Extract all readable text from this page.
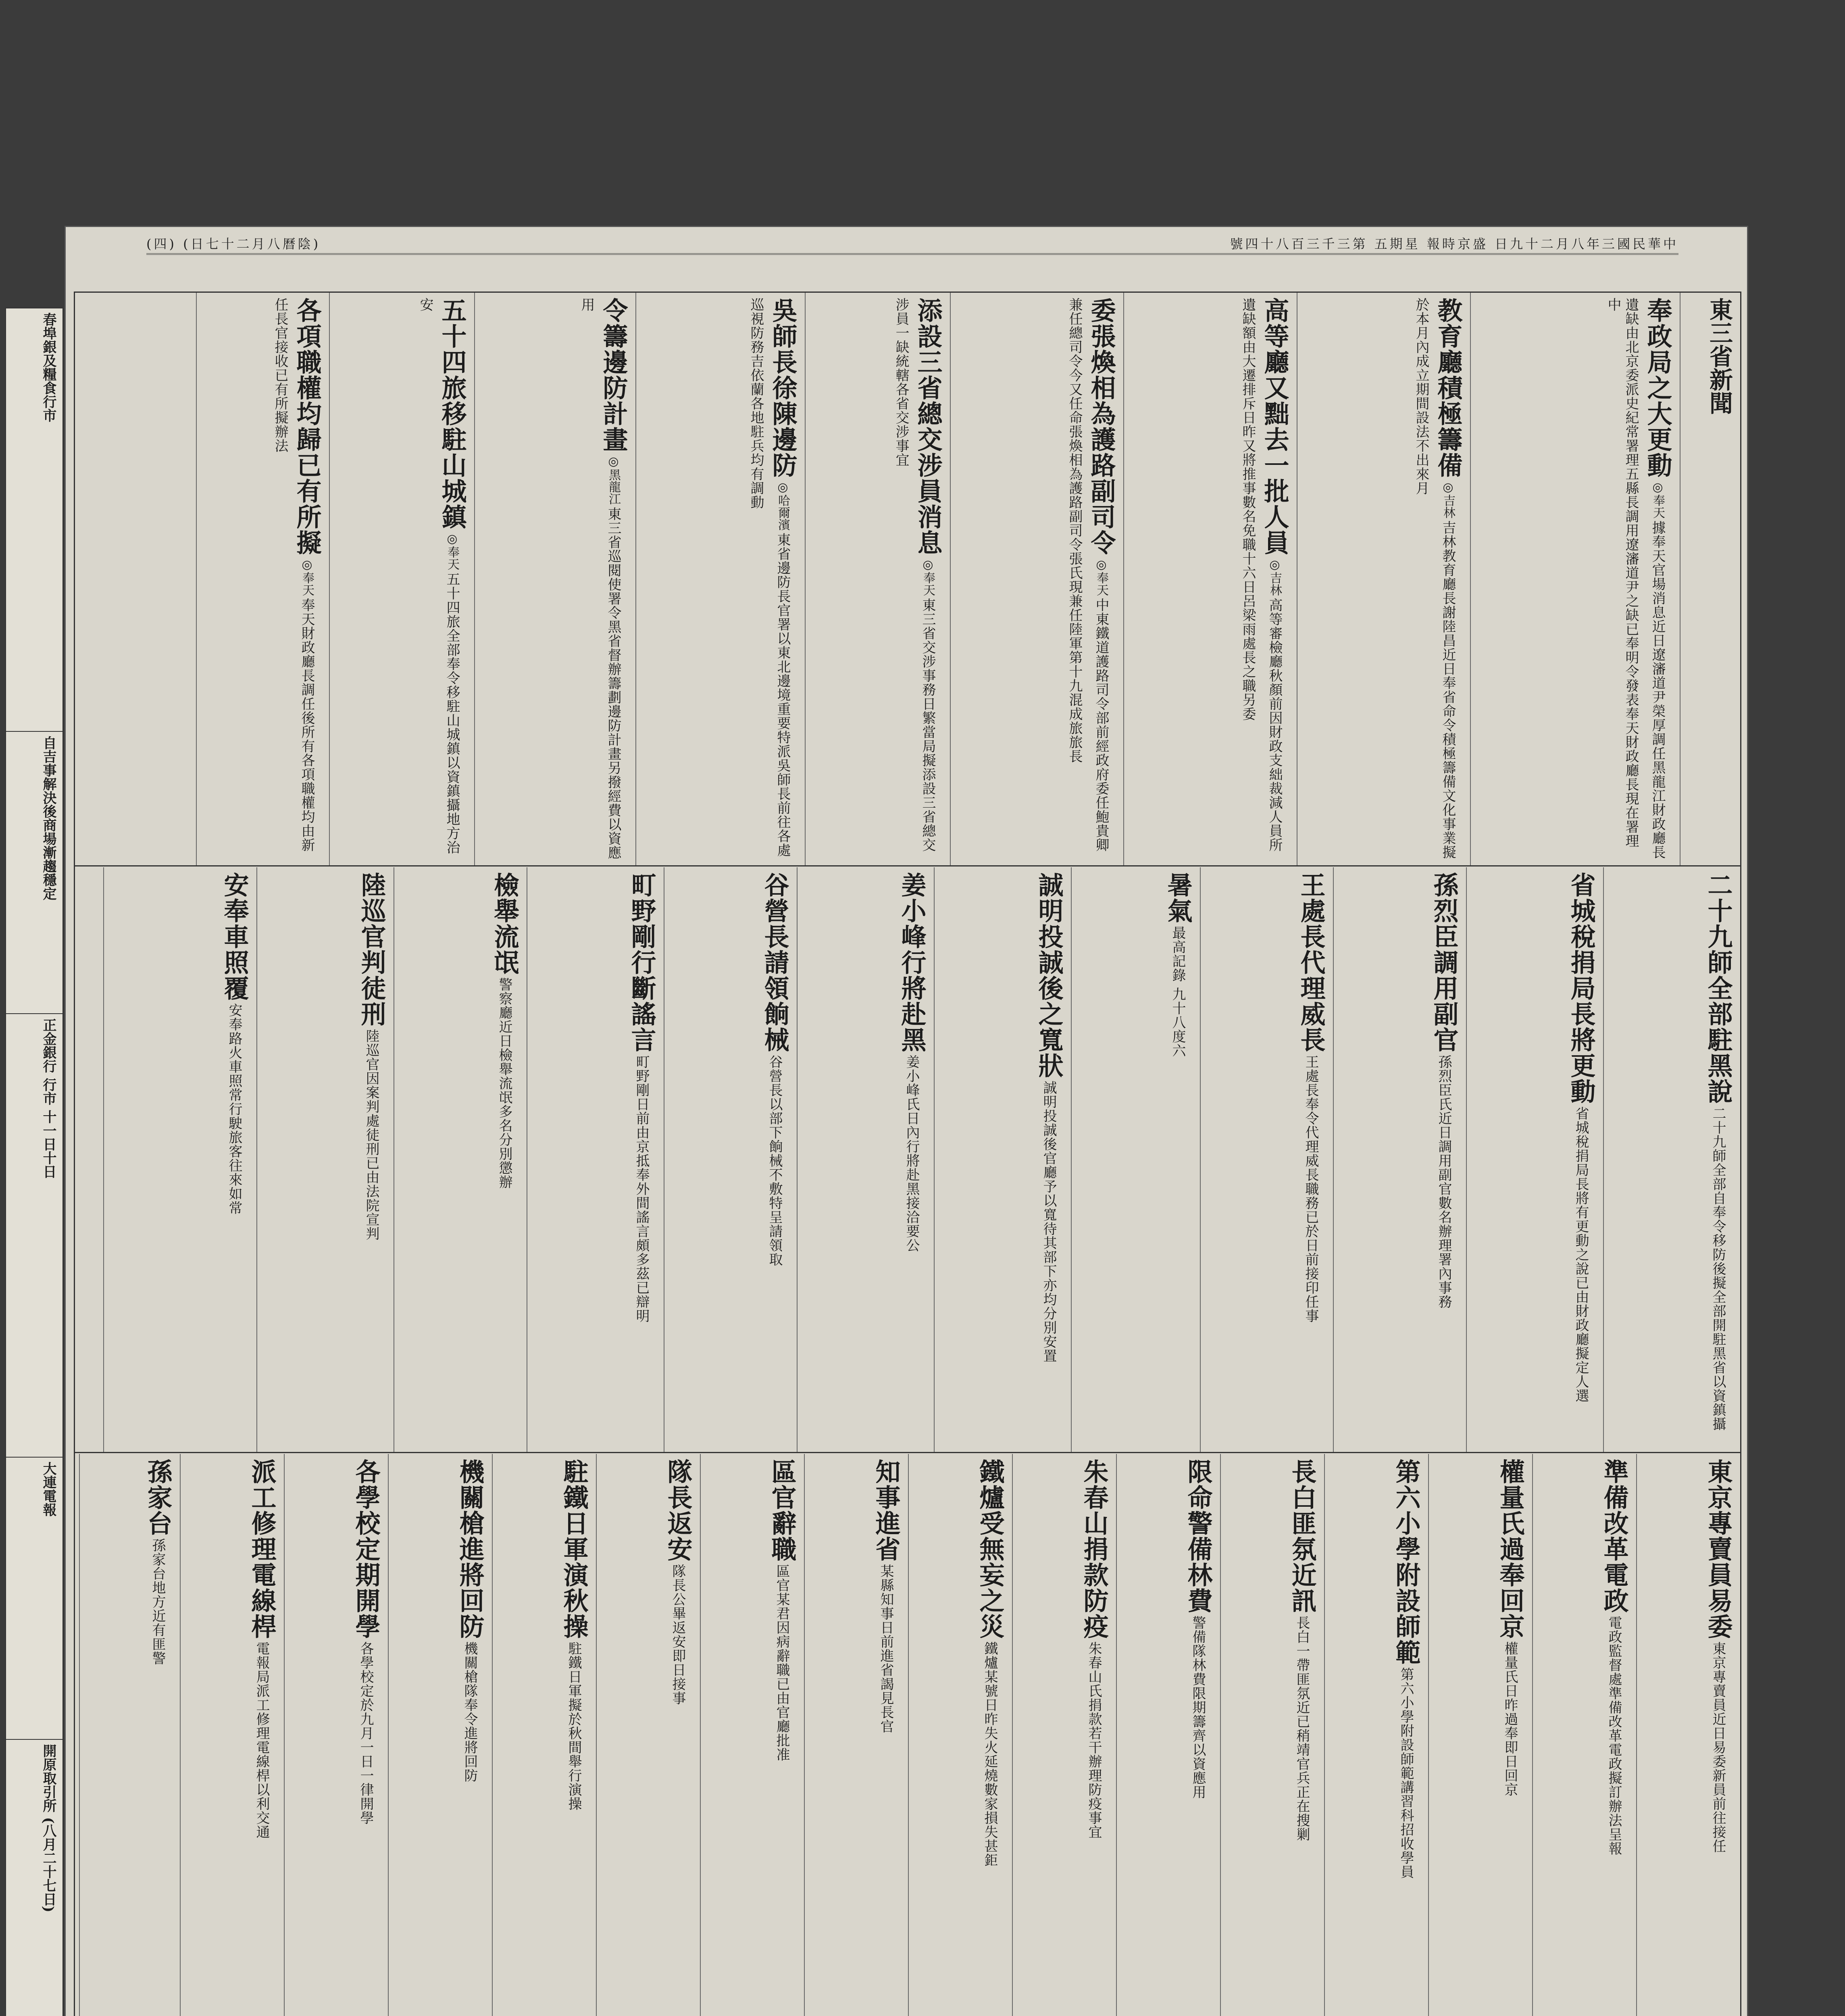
(四) (日七十二月八曆陰)	號四十八百三千三第 五期星 報時京盛 日九十二月八年三國民華中
春埠銀及糧食行市
自吉事解決後商場漸趨穩定
正金銀行 行市 十一日十日
大連電報
開原取引所 (八月二十七日)
東三省新聞
奉政局之大更動 ◎奉天 據奉天官場消息近日遼瀋道尹榮厚調任黑龍江財政廳長遺缺由北京委派史紀常署理五縣長調用遼瀋道尹之缺已奉明令發表奉天財政廳長現在署理中
教育廳積極籌備 ◎吉林 吉林教育廳長謝陸昌近日奉省命令積極籌備文化事業擬於本月內成立期間設法不出來月
高等廳又黜去一批人員 ◎吉林 高等審檢廳秋顏前因財政支絀裁減人員所遺缺額由大遷排斥日昨又將推事數名免職十六日呂梁雨處長之職另委
委張煥相為護路副司令 ◎奉天 中東鐵道護路司令部前經政府委任鮑貴卿兼任總司令今又任命張煥相為護路副司令張氏現兼任陸軍第十九混成旅旅長
添設三省總交涉員消息 ◎奉天 東三省交涉事務日繁當局擬添設三省總交涉員一缺統轄各省交涉事宜
吳師長徐陳邊防 ◎哈爾濱 東省邊防長官署以東北邊境重要特派吳師長前往各處巡視防務吉依蘭各地駐兵均有調動
令籌邊防計畫 ◎黑龍江 東三省巡閱使署令黑省督辦籌劃邊防計畫另撥經費以資應用
五十四旅移駐山城鎮 ◎奉天 五十四旅全部奉令移駐山城鎮以資鎮攝地方治安
各項職權均歸已有所擬 ◎奉天 奉天財政廳長調任後所有各項職權均由新任長官接收已有所擬辦法
二十九師全部駐黑說 二十九師全部自奉令移防後擬全部開駐黑省以資鎮攝
省城稅捐局長將更動 省城稅捐局長將有更動之說已由財政廳擬定人選
孫烈臣調用副官 孫烈臣氏近日調用副官數名辦理署內事務
王處長代理威長 王處長奉令代理威長職務已於日前接印任事
暑氣 最高記錄 九十八度六
誠明投誠後之寬狀 誠明投誠後官廳予以寬待其部下亦均分別安置
姜小峰行將赴黑 姜小峰氏日內行將赴黑接洽要公
谷營長請領餉械 谷營長以部下餉械不敷特呈請領取
町野剛行斷謠言 町野剛日前由京抵奉外間謠言頗多茲已辯明
檢舉流氓 警察廳近日檢舉流氓多名分別懲辦
陸巡官判徒刑 陸巡官因案判處徒刑已由法院宣判
安奉車照覆 安奉路火車照常行駛旅客往來如常
東京專賣員易委 東京專賣員近日易委新員前往接任
準備改革電政 電政監督處準備改革電政擬訂辦法呈報
權量氏過奉回京 權量氏日昨過奉即日回京
第六小學附設師範 第六小學附設師範講習科招收學員
長白匪氛近訊 長白一帶匪氛近已稍靖官兵正在搜剿
限命警備林費 警備隊林費限期籌齊以資應用
朱春山捐款防疫 朱春山氏捐款若干辦理防疫事宜
鐵爐受無妄之災 鐵爐某號日昨失火延燒數家損失甚鉅
知事進省 某縣知事日前進省謁見長官
區官辭職 區官某君因病辭職已由官廳批准
隊長返安 隊長公畢返安即日接事
駐鐵日軍演秋操 駐鐵日軍擬於秋間舉行演操
機關槍進將回防 機關槍隊奉令進將回防
各學校定期開學 各學校定於九月一日一律開學
派工修理電線桿 電報局派工修理電線桿以利交通
孫家台 孫家台地方近有匪警
